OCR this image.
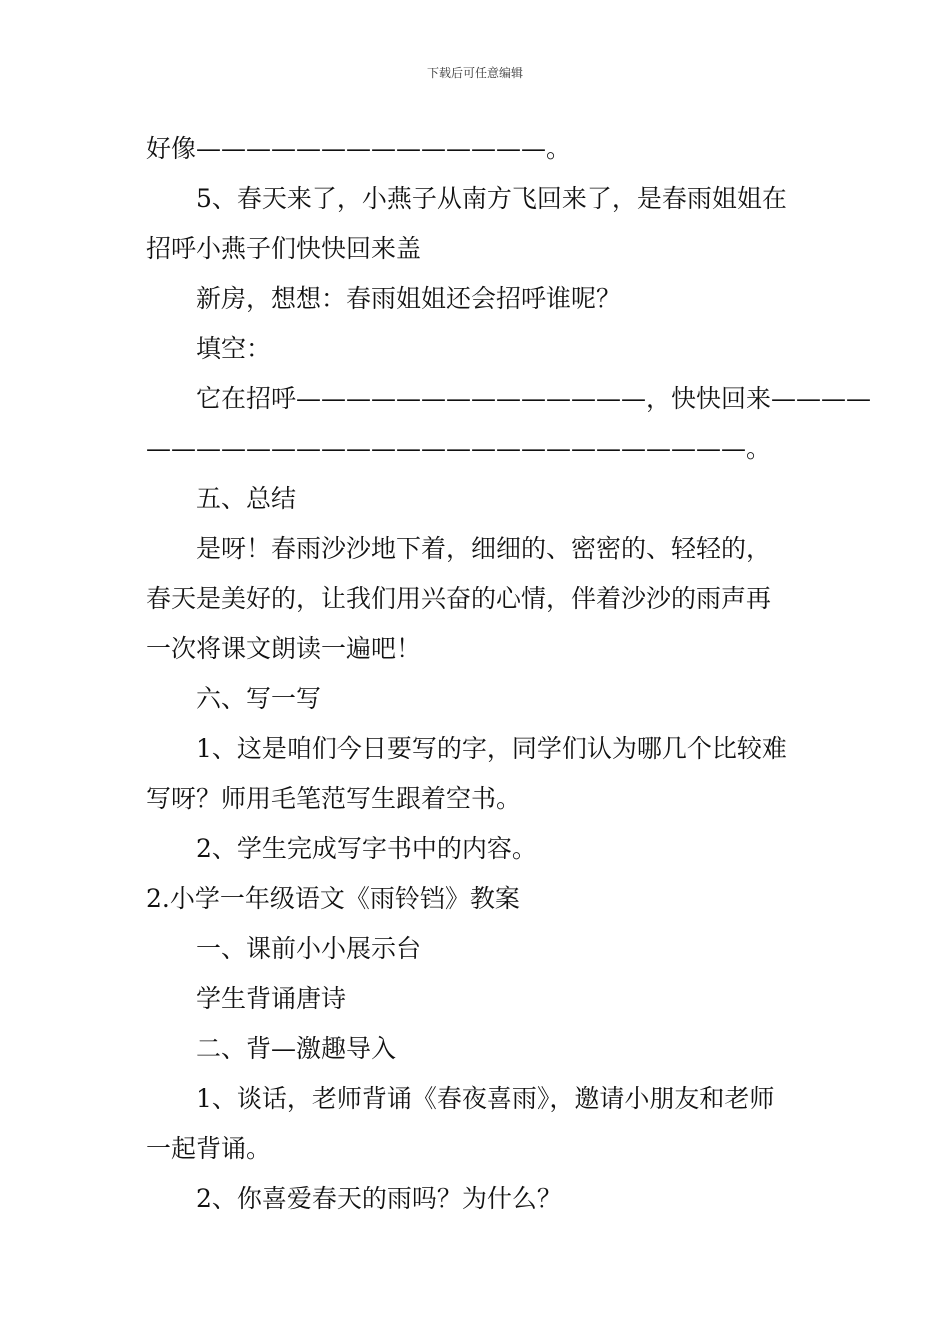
下载后可任意编辑
好像——————————————。
5、春天来了，小燕子从南方飞回来了，是春雨姐姐在
招呼小燕子们快快回来盖
新房，想想：春雨姐姐还会招呼谁呢？
填空：
它在招呼——————————————，快快回来————
————————————————————————。
五、总结
是呀！春雨沙沙地下着，细细的、密密的、轻轻的，
春天是美好的，让我们用兴奋的心情，伴着沙沙的雨声再
一次将课文朗读一遍吧！
六、写一写
1、这是咱们今日要写的字，同学们认为哪几个比较难
写呀？师用毛笔范写生跟着空书。
2、学生完成写字书中的内容。
2.小学一年级语文《雨铃铛》教案
一、课前小小展示台
学生背诵唐诗
二、背—激趣导入
1、谈话，老师背诵《春夜喜雨》，邀请小朋友和老师
一起背诵。
2、你喜爱春天的雨吗？为什么？
